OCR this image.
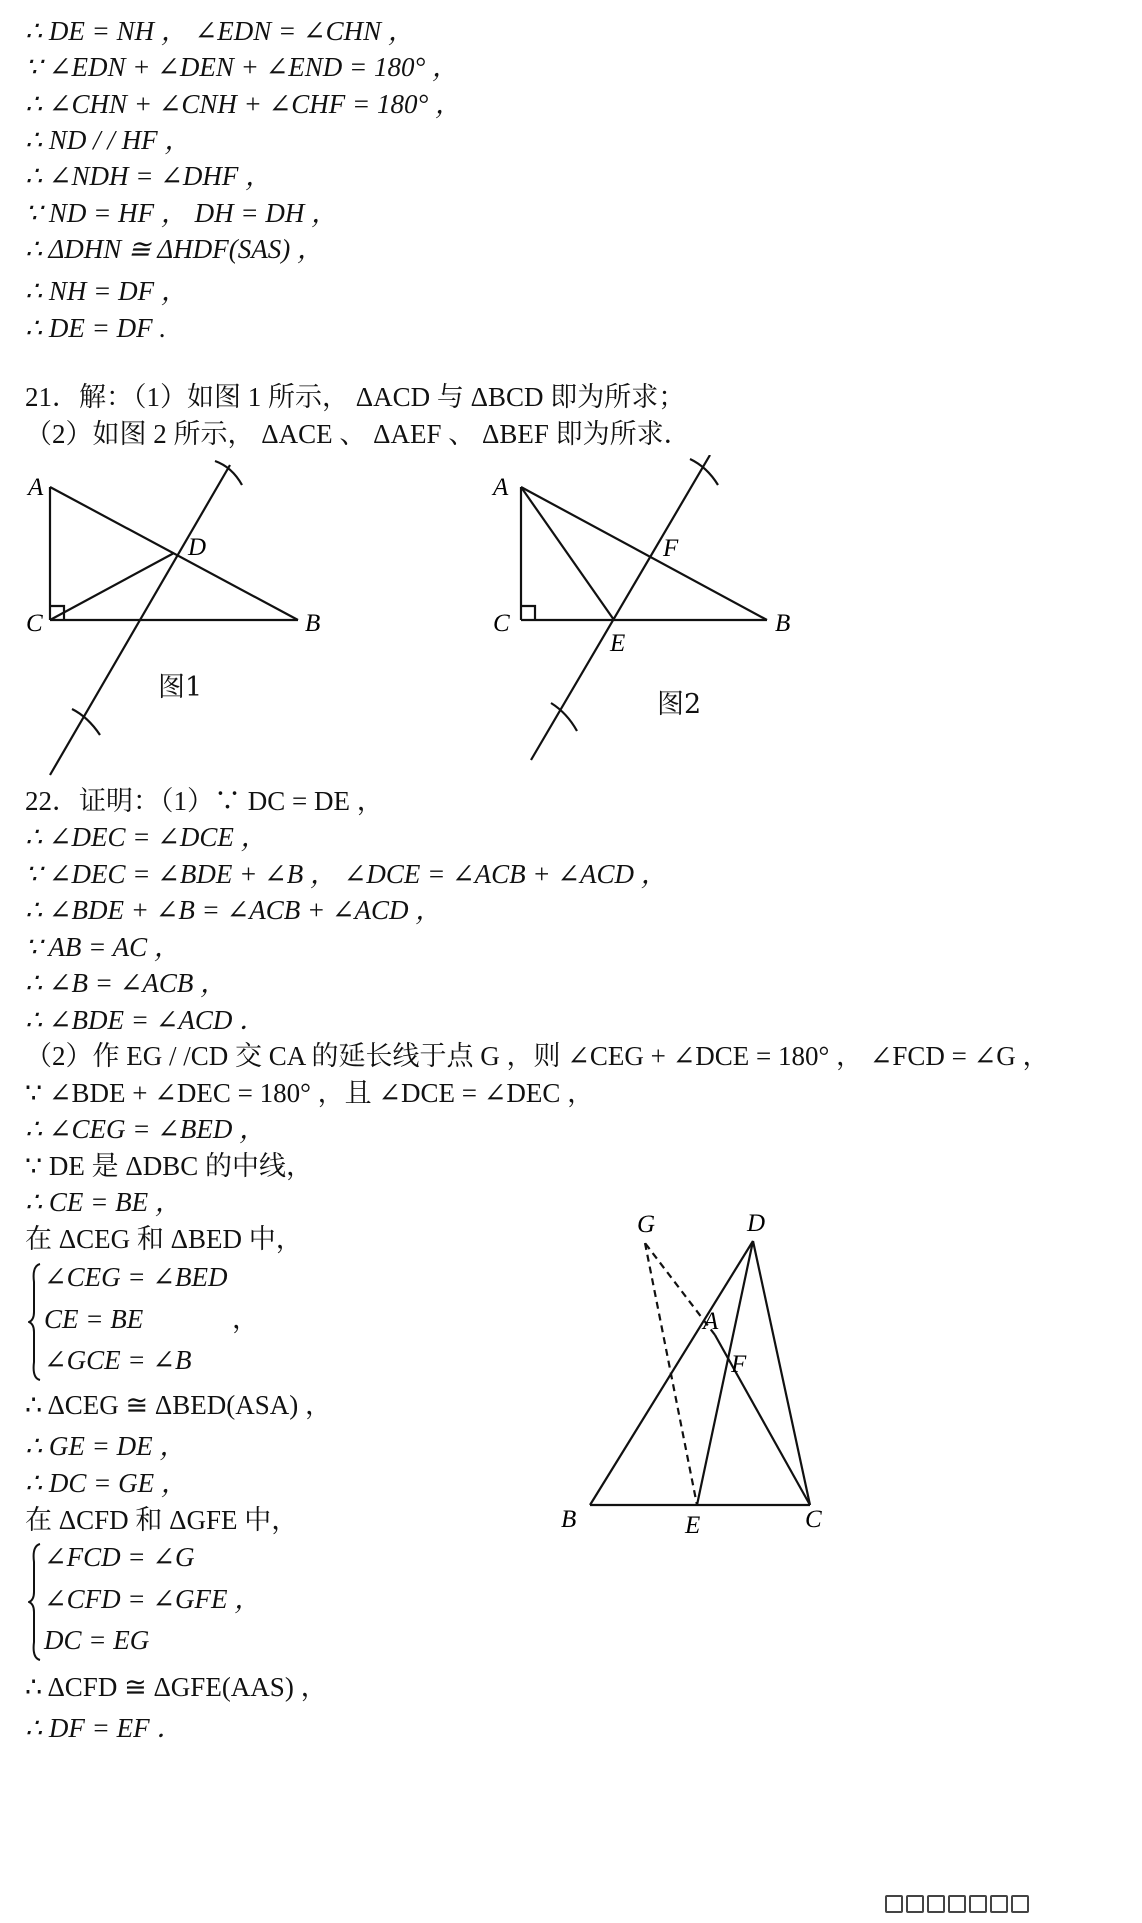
∴ DE = NH ， ∠EDN = ∠CHN ，
∵ ∠EDN + ∠DEN + ∠END = 180° ，
∴ ∠CHN + ∠CNH + ∠CHF = 180° ，
∴ ND / / HF ，
∴ ∠NDH = ∠DHF ，
∵ ND = HF ， DH = DH ，
∴ ΔDHN ≅ ΔHDF(SAS) ，
∴ NH = DF ，
∴ DE = DF .
21．解：（1）如图 1 所示， ΔACD 与 ΔBCD 即为所求；
（2）如图 2 所示， ΔACE 、 ΔAEF 、 ΔBEF 即为所求．
A
C	B
D
图1
A
C	B
E
F
图2
22．证明：（1）∵ DC = DE ，
∴ ∠DEC = ∠DCE ，
∵ ∠DEC = ∠BDE + ∠B ， ∠DCE = ∠ACB + ∠ACD ，
∴ ∠BDE + ∠B = ∠ACB + ∠ACD ，
∵ AB = AC ，
∴ ∠B = ∠ACB ，
∴ ∠BDE = ∠ACD ．
（2）作 EG / /CD 交 CA 的延长线于点 G ，则 ∠CEG + ∠DCE = 180° ， ∠FCD = ∠G ，
∵ ∠BDE + ∠DEC = 180° ，且 ∠DCE = ∠DEC ，
∴ ∠CEG = ∠BED ，
∵ DE 是 ΔDBC 的中线，
∴ CE = BE ，
在 ΔCEG 和 ΔBED 中，
∠CEG = ∠BED
CE = BE	，
∠GCE = ∠B
∴ ΔCEG ≅ ΔBED(ASA) ，
∴ GE = DE ，
∴ DC = GE ，
在 ΔCFD 和 ΔGFE 中，
∠FCD = ∠G
∠CFD = ∠GFE ，
DC = EG
∴ ΔCFD ≅ ΔGFE(AAS) ，
∴ DF = EF ．
G	D
A
F
B	E	C
